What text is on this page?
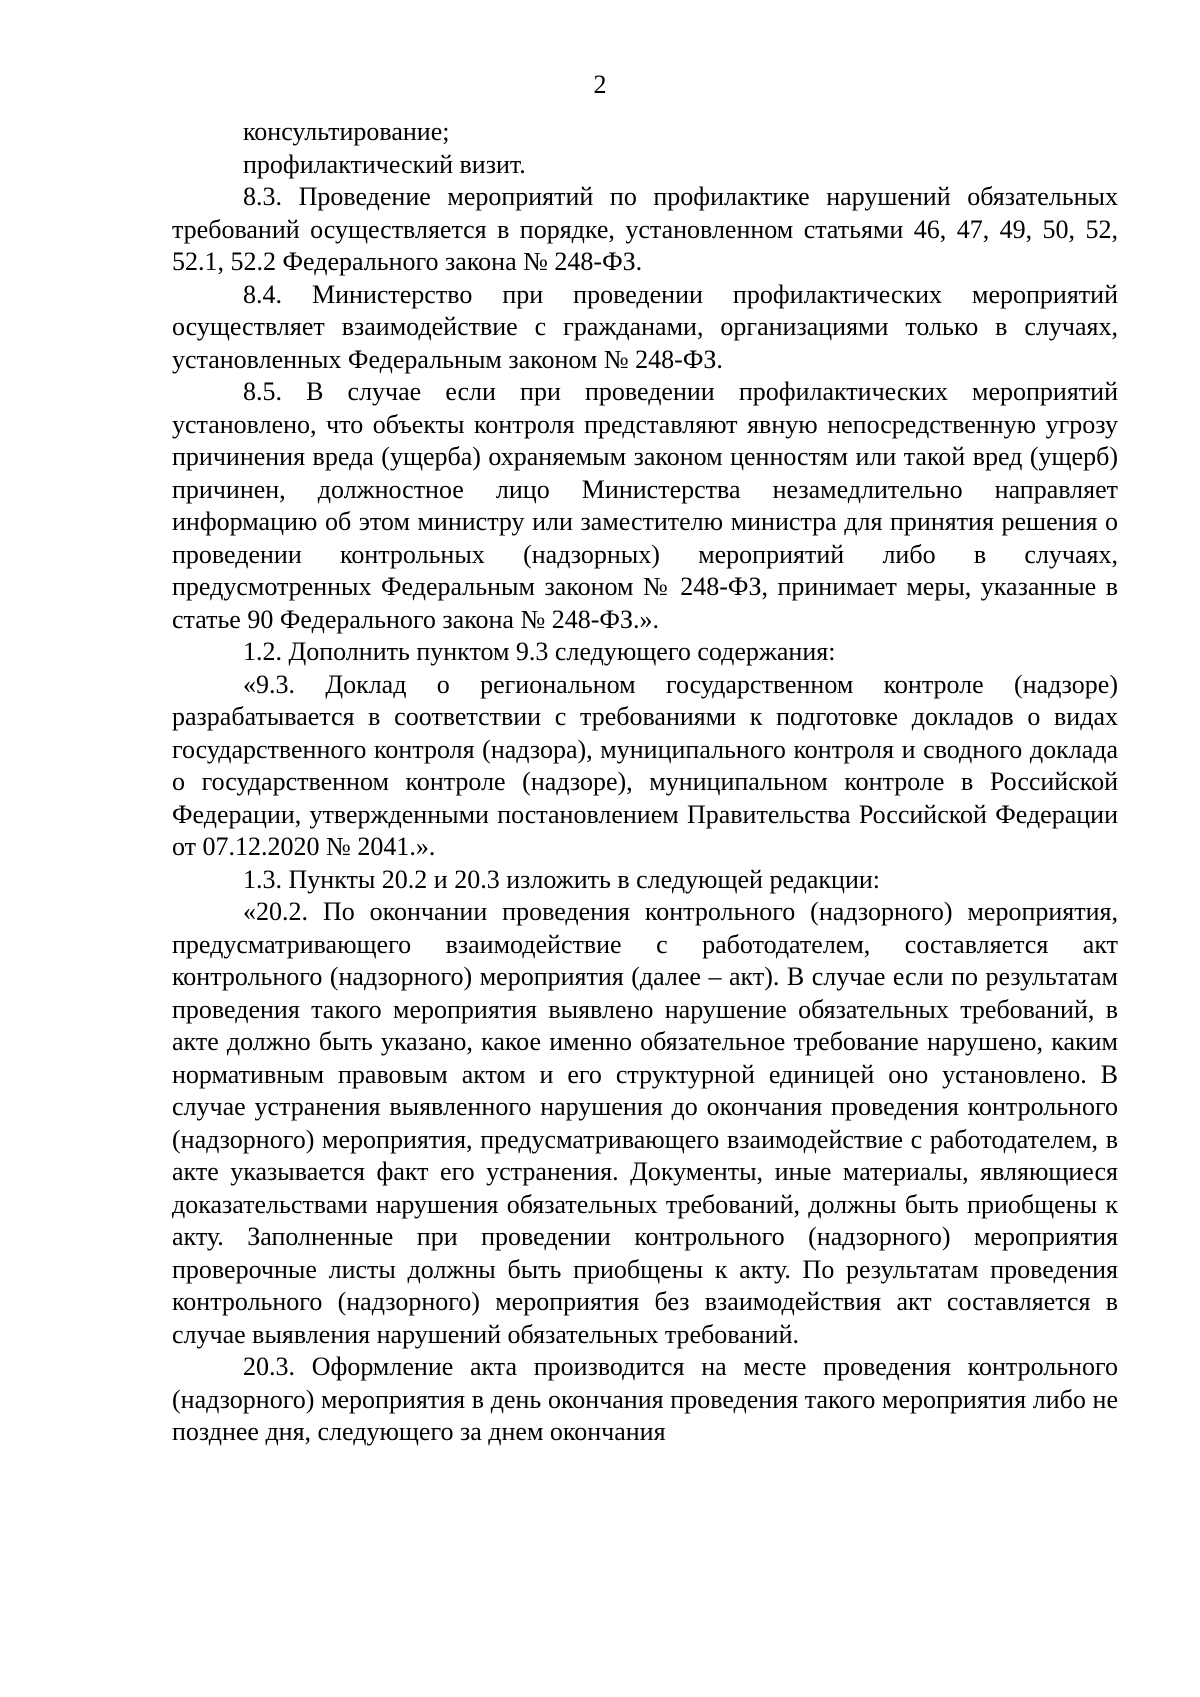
2

консультирование;

профилактический визит.

8.3. Проведение мероприятий по профилактике нарушений обязательных требований осуществляется в порядке, установленном статьями 46, 47, 49, 50, 52, 52.1, 52.2 Федерального закона № 248-ФЗ.

8.4. Министерство при проведении профилактических мероприятий осуществляет взаимодействие с гражданами, организациями только в случаях, установленных Федеральным законом № 248-ФЗ.

8.5. В случае если при проведении профилактических мероприятий установлено, что объекты контроля представляют явную непосредственную угрозу причинения вреда (ущерба) охраняемым законом ценностям или такой вред (ущерб) причинен, должностное лицо Министерства незамедлительно направляет информацию об этом министру или заместителю министра для принятия решения о проведении контрольных (надзорных) мероприятий либо в случаях, предусмотренных Федеральным законом № 248-ФЗ, принимает меры, указанные в статье 90 Федерального закона № 248-ФЗ.».

1.2. Дополнить пунктом 9.3 следующего содержания:

«9.3. Доклад о региональном государственном контроле (надзоре) разрабатывается в соответствии с требованиями к подготовке докладов о видах государственного контроля (надзора), муниципального контроля и сводного доклада о государственном контроле (надзоре), муниципальном контроле в Российской Федерации, утвержденными постановлением Правительства Российской Федерации от 07.12.2020 № 2041.».

1.3. Пункты 20.2 и 20.3 изложить в следующей редакции:

«20.2. По окончании проведения контрольного (надзорного) мероприятия, предусматривающего взаимодействие с работодателем, составляется акт контрольного (надзорного) мероприятия (далее – акт). В случае если по результатам проведения такого мероприятия выявлено нарушение обязательных требований, в акте должно быть указано, какое именно обязательное требование нарушено, каким нормативным правовым актом и его структурной единицей оно установлено. В случае устранения выявленного нарушения до окончания проведения контрольного (надзорного) мероприятия, предусматривающего взаимодействие с работодателем, в акте указывается факт его устранения. Документы, иные материалы, являющиеся доказательствами нарушения обязательных требований, должны быть приобщены к акту. Заполненные при проведении контрольного (надзорного) мероприятия проверочные листы должны быть приобщены к акту. По результатам проведения контрольного (надзорного) мероприятия без взаимодействия акт составляется в случае выявления нарушений обязательных требований.

20.3. Оформление акта производится на месте проведения контрольного (надзорного) мероприятия в день окончания проведения такого мероприятия либо не позднее дня, следующего за днем окончания
